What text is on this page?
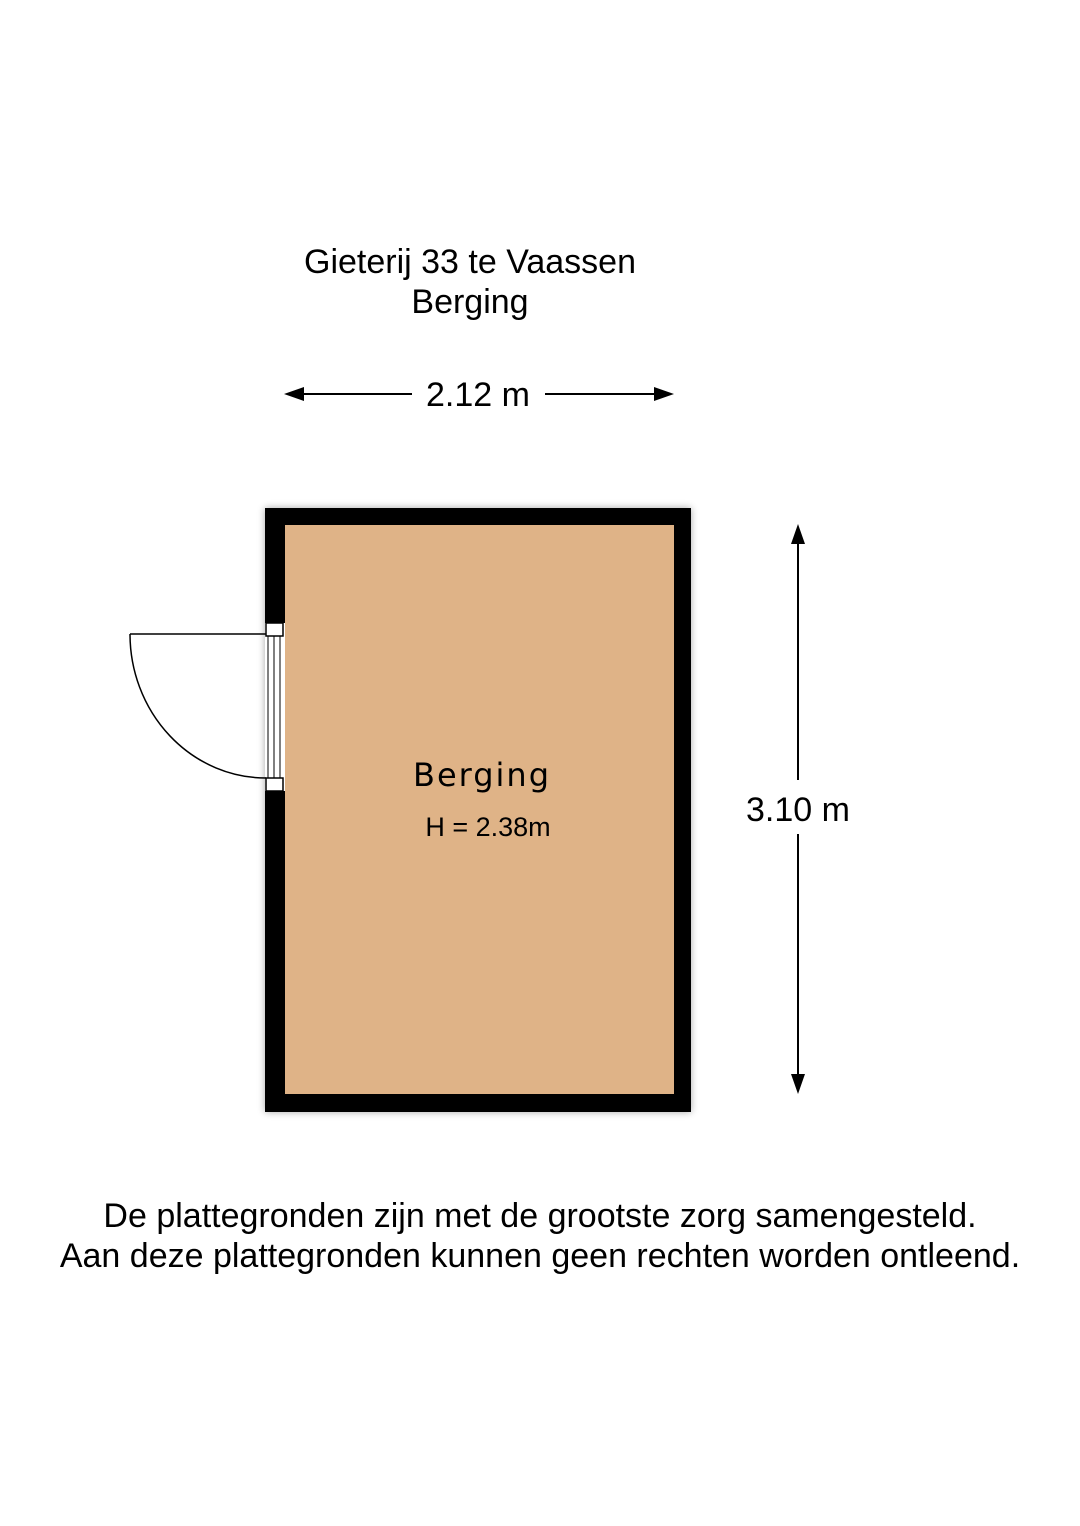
Gieterij 33 te Vaassen
Berging
2.12 m
3.10 m
Berging
H = 2.38m
De plattegronden zijn met de grootste zorg samengesteld.
Aan deze plattegronden kunnen geen rechten worden ontleend.
